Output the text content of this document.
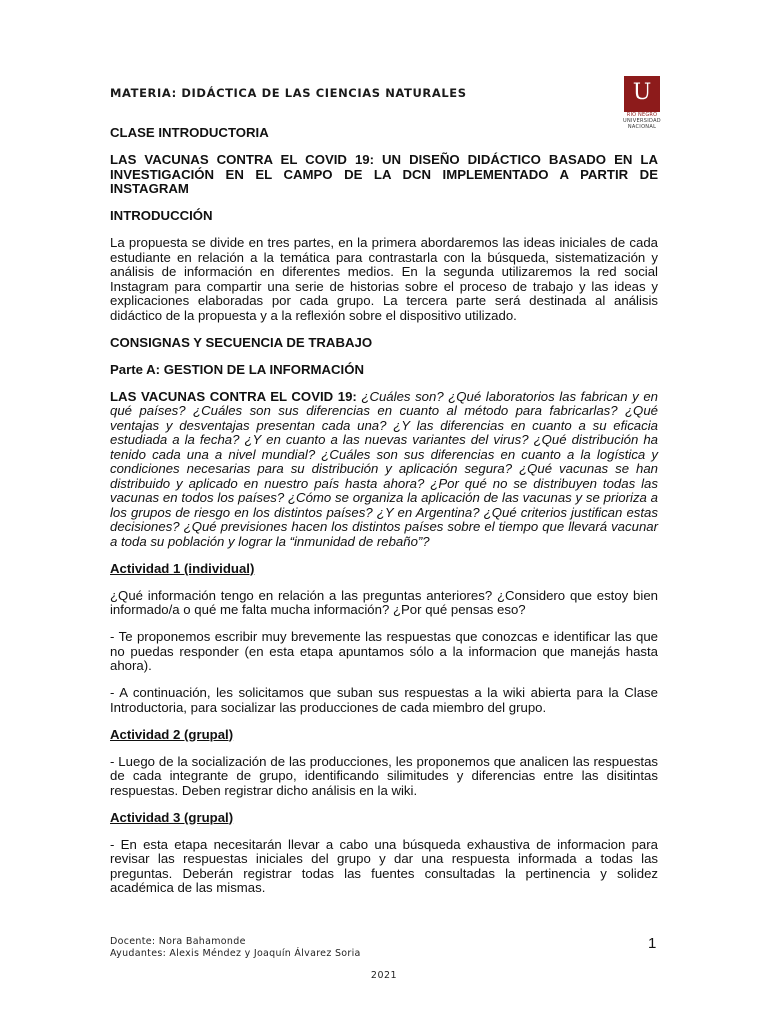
MATERIA: DIDÁCTICA DE LAS CIENCIAS NATURALES	U
RÍO NEGRO
UNIVERSIDAD
NACIONAL

CLASE INTRODUCTORIA

LAS VACUNAS CONTRA EL COVID 19: UN DISEÑO DIDÁCTICO BASADO EN LA INVESTIGACIÓN EN EL CAMPO DE LA DCN IMPLEMENTADO A PARTIR DE INSTAGRAM

INTRODUCCIÓN

La propuesta se divide en tres partes, en la primera abordaremos las ideas iniciales de cada estudiante en relación a la temática para contrastarla con la búsqueda, sistematización y análisis de información en diferentes medios. En la segunda utilizaremos la red social Instagram para compartir una serie de historias sobre el proceso de trabajo y las ideas y explicaciones elaboradas por cada grupo. La tercera parte será destinada al análisis didáctico de la propuesta y a la reflexión sobre el dispositivo utilizado.

CONSIGNAS Y SECUENCIA DE TRABAJO

Parte A: GESTION DE LA INFORMACIÓN

LAS VACUNAS CONTRA EL COVID 19: ¿Cuáles son? ¿Qué laboratorios las fabrican y en qué países? ¿Cuáles son sus diferencias en cuanto al método para fabricarlas? ¿Qué ventajas y desventajas presentan cada una? ¿Y las diferencias en cuanto a su eficacia estudiada a la fecha? ¿Y en cuanto a las nuevas variantes del virus? ¿Qué distribución ha tenido cada una a nivel mundial? ¿Cuáles son sus diferencias en cuanto a la logística y condiciones necesarias para su distribución y aplicación segura? ¿Qué vacunas se han distribuido y aplicado en nuestro país hasta ahora? ¿Por qué no se distribuyen todas las vacunas en todos los países? ¿Cómo se organiza la aplicación de las vacunas y se prioriza a los grupos de riesgo en los distintos países? ¿Y en Argentina? ¿Qué criterios justifican estas decisiones? ¿Qué previsiones hacen los distintos países sobre el tiempo que llevará vacunar a toda su población y lograr la “inmunidad de rebaño”?

Actividad 1 (individual)

¿Qué información tengo en relación a las preguntas anteriores? ¿Considero que estoy bien informado/a o qué me falta mucha información? ¿Por qué pensas eso?

- Te proponemos escribir muy brevemente las respuestas que conozcas e identificar las que no puedas responder (en esta etapa apuntamos sólo a la informacion que manejás hasta ahora).

- A continuación, les solicitamos que suban sus respuestas a la wiki abierta para la Clase Introductoria, para socializar las producciones de cada miembro del grupo.

Actividad 2 (grupal)

- Luego de la socialización de las producciones, les proponemos que analicen las respuestas de cada integrante de grupo, identificando silimitudes y diferencias entre las disitintas respuestas. Deben registrar dicho análisis en la wiki.

Actividad 3 (grupal)

- En esta etapa necesitarán llevar a cabo una búsqueda exhaustiva de informacion para revisar las respuestas iniciales del grupo y dar una respuesta informada a todas las preguntas. Deberán registrar todas las fuentes consultadas la pertinencia y solidez académica de las mismas.

Docente: Nora Bahamonde
Ayudantes: Alexis Méndez y Joaquín Álvarez Soria
1
2021
